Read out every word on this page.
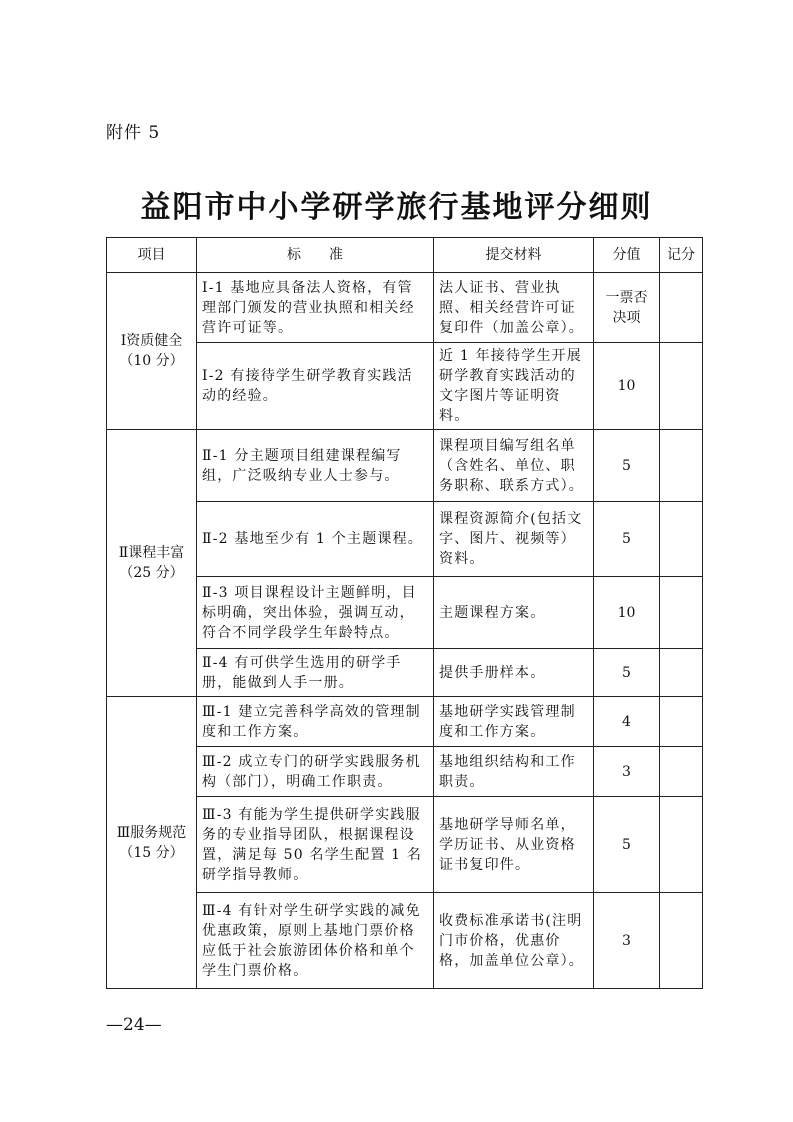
附件 5
益阳市中小学研学旅行基地评分细则
项目	标　　准	提交材料	分值	记分

Ⅰ资质健全
（10 分）	Ⅰ-1 基地应具备法人资格，有管理部门颁发的营业执照和相关经营许可证等。	法人证书、营业执照、相关经营许可证复印件（加盖公章）。	一票否决项	
	Ⅰ-2 有接待学生研学教育实践活动的经验。	近 1 年接待学生开展研学教育实践活动的文字图片等证明资料。	10	

Ⅱ课程丰富
（25 分）	Ⅱ-1 分主题项目组建课程编写组，广泛吸纳专业人士参与。	课程项目编写组名单（含姓名、单位、职务职称、联系方式）。	5	
	Ⅱ-2 基地至少有 1 个主题课程。	课程资源简介(包括文字、图片、视频等）资料。	5	
	Ⅱ-3 项目课程设计主题鲜明，目标明确，突出体验，强调互动，符合不同学段学生年龄特点。	主题课程方案。	10	
	Ⅱ-4 有可供学生选用的研学手册，能做到人手一册。	提供手册样本。	5	

Ⅲ服务规范
（15 分）	Ⅲ-1 建立完善科学高效的管理制度和工作方案。	基地研学实践管理制度和工作方案。	4	
	Ⅲ-2 成立专门的研学实践服务机构（部门），明确工作职责。	基地组织结构和工作职责。	3	
	Ⅲ-3 有能为学生提供研学实践服务的专业指导团队，根据课程设置，满足每 50 名学生配置 1 名研学指导教师。	基地研学导师名单，学历证书、从业资格证书复印件。	5	
	Ⅲ-4 有针对学生研学实践的减免优惠政策，原则上基地门票价格应低于社会旅游团体价格和单个学生门票价格。	收费标准承诺书(注明门市价格，优惠价格，加盖单位公章）。	3	
—24—
